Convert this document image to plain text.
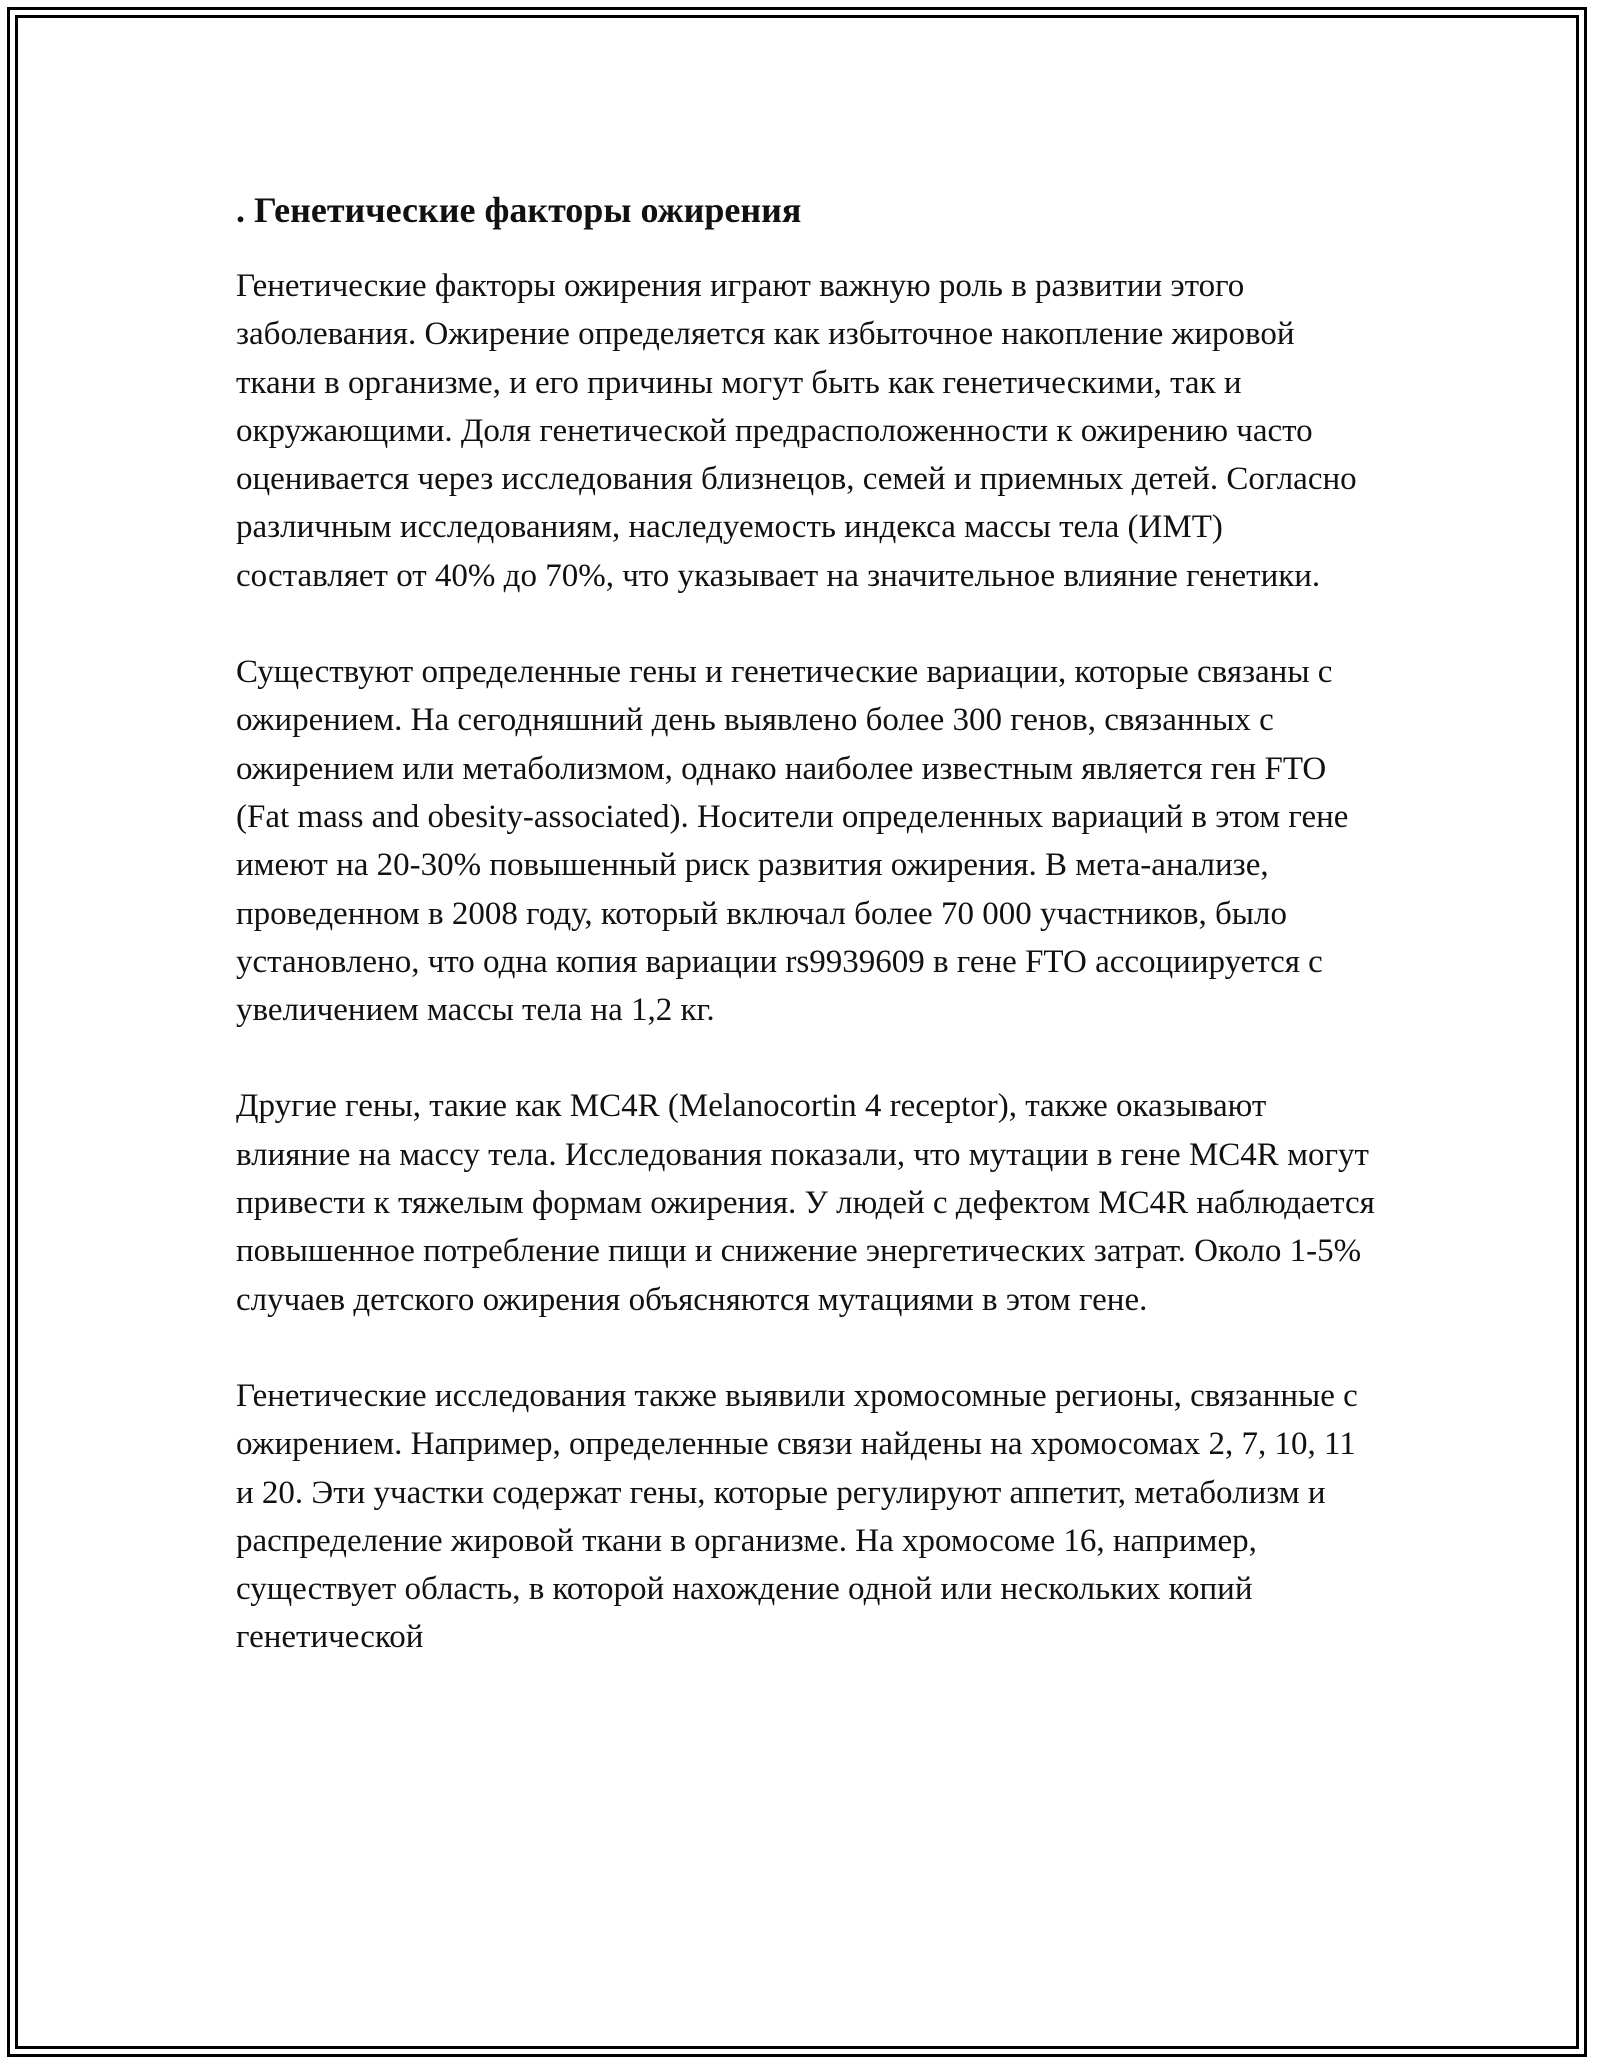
. Генетические факторы ожирения

Генетические факторы ожирения играют важную роль в развитии этого заболевания. Ожирение определяется как избыточное накопление жировой ткани в организме, и его причины могут быть как генетическими, так и окружающими. Доля генетической предрасположенности к ожирению часто оценивается через исследования близнецов, семей и приемных детей. Согласно различным исследованиям, наследуемость индекса массы тела (ИМТ) составляет от 40% до 70%, что указывает на значительное влияние генетики.

Существуют определенные гены и генетические вариации, которые связаны с ожирением. На сегодняшний день выявлено более 300 генов, связанных с ожирением или метаболизмом, однако наиболее известным является ген FTO (Fat mass and obesity-associated). Носители определенных вариаций в этом гене имеют на 20-30% повышенный риск развития ожирения. В мета-анализе, проведенном в 2008 году, который включал более 70 000 участников, было установлено, что одна копия вариации rs9939609 в гене FTO ассоциируется с увеличением массы тела на 1,2 кг.

Другие гены, такие как MC4R (Melanocortin 4 receptor), также оказывают влияние на массу тела. Исследования показали, что мутации в гене MC4R могут привести к тяжелым формам ожирения. У людей с дефектом MC4R наблюдается повышенное потребление пищи и снижение энергетических затрат. Около 1-5% случаев детского ожирения объясняются мутациями в этом гене.

Генетические исследования также выявили хромосомные регионы, связанные с ожирением. Например, определенные связи найдены на хромосомах 2, 7, 10, 11 и 20. Эти участки содержат гены, которые регулируют аппетит, метаболизм и распределение жировой ткани в организме. На хромосоме 16, например, существует область, в которой нахождение одной или нескольких копий генетической
